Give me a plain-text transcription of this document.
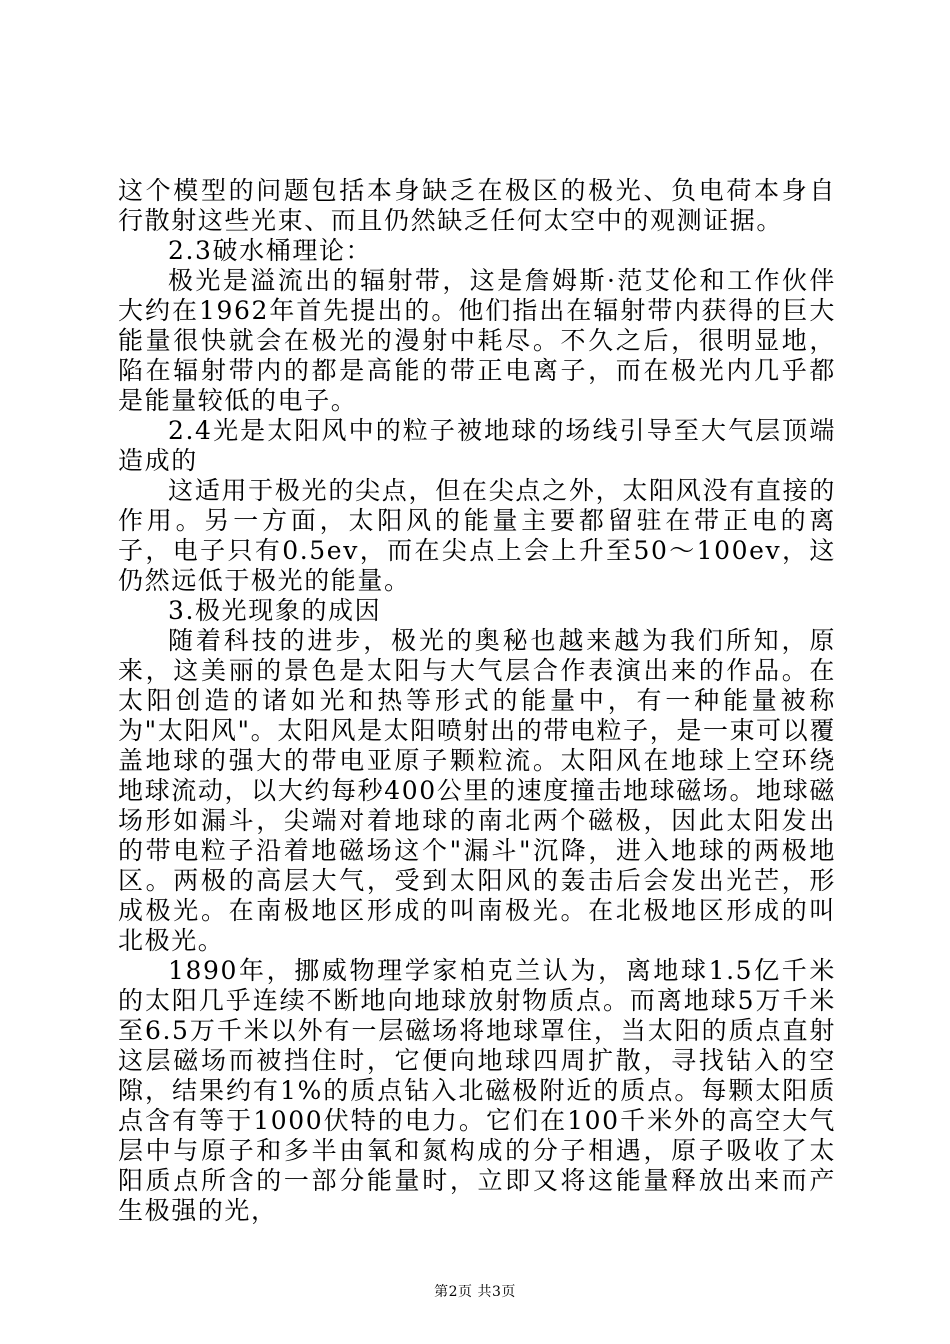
这个模型的问题包括本身缺乏在极区的极光、负电荷本身自行散射这些光束、而且仍然缺乏任何太空中的观测证据。

2.3破水桶理论：

极光是溢流出的辐射带，这是詹姆斯·范艾伦和工作伙伴大约在1962年首先提出的。他们指出在辐射带内获得的巨大能量很快就会在极光的漫射中耗尽。不久之后，很明显地，陷在辐射带内的都是高能的带正电离子，而在极光内几乎都是能量较低的电子。

2.4光是太阳风中的粒子被地球的场线引导至大气层顶端造成的

这适用于极光的尖点，但在尖点之外，太阳风没有直接的作用。另一方面，太阳风的能量主要都留驻在带正电的离子，电子只有0.5ev，而在尖点上会上升至50～100ev，这仍然远低于极光的能量。

3.极光现象的成因

随着科技的进步，极光的奥秘也越来越为我们所知，原来，这美丽的景色是太阳与大气层合作表演出来的作品。在太阳创造的诸如光和热等形式的能量中，有一种能量被称为"太阳风"。太阳风是太阳喷射出的带电粒子，是一束可以覆盖地球的强大的带电亚原子颗粒流。太阳风在地球上空环绕地球流动，以大约每秒400公里的速度撞击地球磁场。地球磁场形如漏斗，尖端对着地球的南北两个磁极，因此太阳发出的带电粒子沿着地磁场这个"漏斗"沉降，进入地球的两极地区。两极的高层大气，受到太阳风的轰击后会发出光芒，形成极光。在南极地区形成的叫南极光。在北极地区形成的叫北极光。

1890年，挪威物理学家柏克兰认为，离地球1.5亿千米的太阳几乎连续不断地向地球放射物质点。而离地球5万千米至6.5万千米以外有一层磁场将地球罩住，当太阳的质点直射这层磁场而被挡住时，它便向地球四周扩散，寻找钻入的空隙，结果约有1%的质点钻入北磁极附近的质点。每颗太阳质点含有等于1000伏特的电力。它们在100千米外的高空大气层中与原子和多半由氧和氮构成的分子相遇，原子吸收了太阳质点所含的一部分能量时，立即又将这能量释放出来而产生极强的光，

第2页 共3页
